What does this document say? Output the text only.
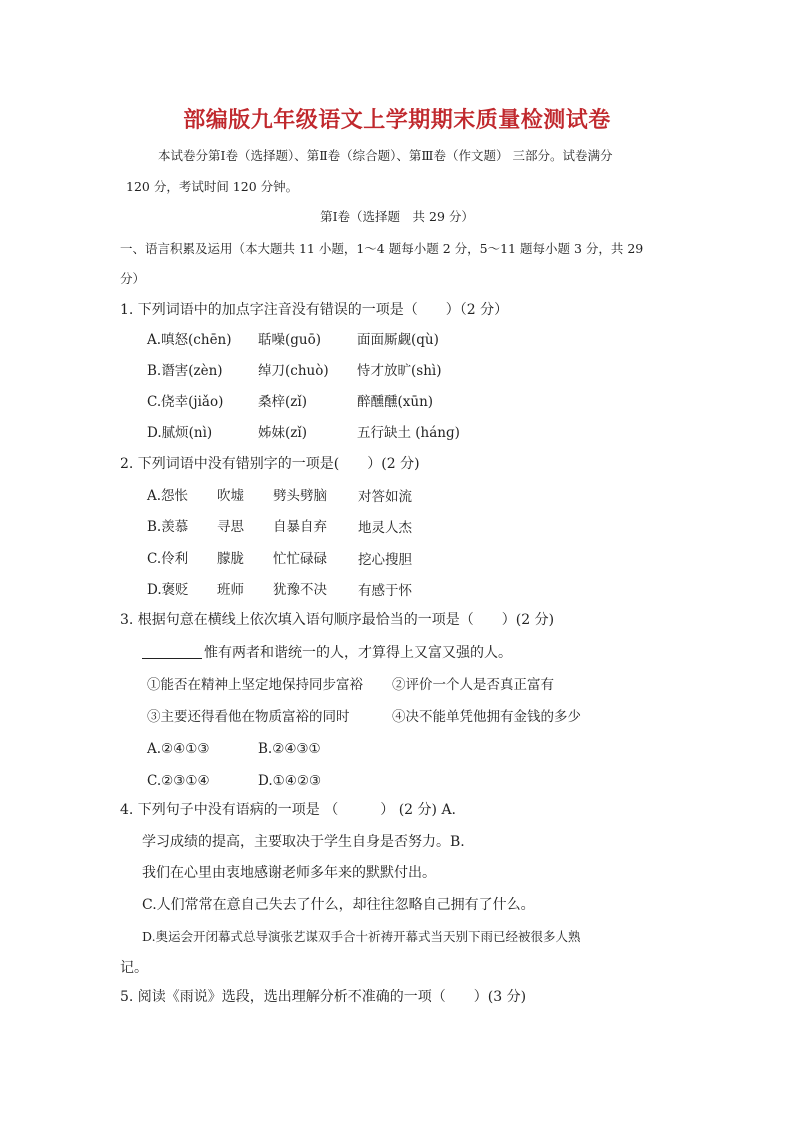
部编版九年级语文上学期期末质量检测试卷
本试卷分第Ⅰ卷（选择题）、第Ⅱ卷（综合题）、第Ⅲ卷（作文题） 三部分。试卷满分
120 分，考试时间 120 分钟。
第Ⅰ卷（选择题　共 29 分）
一、语言积累及运用（本大题共 11 小题，1～4 题每小题 2 分，5～11 题每小题 3 分，共 29
分）
1. 下列词语中的加点字注音没有错误的一项是（　　）（2 分）
A.嗔怒(chēn) 聒噪(guō)	面面厮觑(qù)
B.谮害(zèn)	绰刀(chuò) 恃才放旷(shì)
C.侥幸(jiǎo)	桑梓(zǐ)	醉醺醺(xūn)
D.腻烦(nì)	姊妹(zǐ)	五行缺土 (hánɡ)
2. 下列词语中没有错别字的一项是(　　）(2 分)
A.怨怅 吹墟 劈头劈脑 对答如流
B.羡慕 寻思 自暴自弃 地灵人杰
C.伶利 朦胧 忙忙碌碌 挖心搜胆
D.褒贬 班师 犹豫不决 有感于怀
3. 根据句意在横线上依次填入语句顺序最恰当的一项是（　　）(2 分)
惟有两者和谐统一的人，才算得上又富又强的人。
①能否在精神上坚定地保持同步富裕 ②评价一个人是否真正富有
③主要还得看他在物质富裕的同时	④决不能单凭他拥有金钱的多少
A.②④①③	B.②④③①
C.②③①④	D.①④②③
4. 下列句子中没有语病的一项是 （　　　） (2 分) A.
学习成绩的提高，主要取决于学生自身是否努力。B.
我们在心里由衷地感谢老师多年来的默默付出。
C.人们常常在意自己失去了什么，却往往忽略自己拥有了什么。
D.奥运会开闭幕式总导演张艺谋双手合十祈祷开幕式当天别下雨已经被很多人熟
记。
5. 阅读《雨说》选段，选出理解分析不准确的一项（　　）(3 分)
